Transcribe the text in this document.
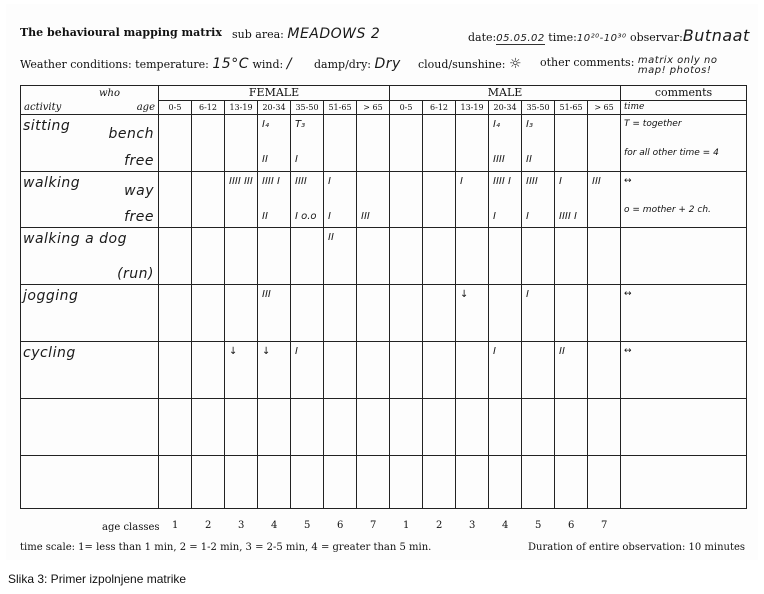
The behavioural mapping matrix sub area: MEADOWS 2	date:05.05.02 time:10²⁰-10³⁰ observar:Butnaat
Weather conditions: temperature: 15°C wind: / damp/dry: Dry cloud/sunshine: ☼ other comments: matrix only no map! photos!
who
activity age	FEMALE							MALE							comments
	0-5	6-12	13-19	20-34	35-50	51-65	> 65	0-5	6-12	13-19	20-34	35-50	51-65	> 65	time

sitting bench				I₄	T₃						I₄	I₃			T = together

free				II	I						IIII	II			for all other time = 4

walking way			IIII III	IIII I	IIII	I				I	IIII I	IIII	I	III	↔

free				II	I o.o	I	III				I	I	IIII I		o = mother + 2 ch.

walking a dog
(run)						II									

jogging				III						↓		I			↔

cycling			↓	↓	I						I		II		↔

age classes 1	2	3	4	5	6	7	1	2	3	4	5	6	7
time scale: 1= less than 1 min, 2 = 1-2 min, 3 = 2-5 min, 4 = greater than 5 min.	Duration of entire observation: 10 minutes
Slika 3: Primer izpolnjene matrike
